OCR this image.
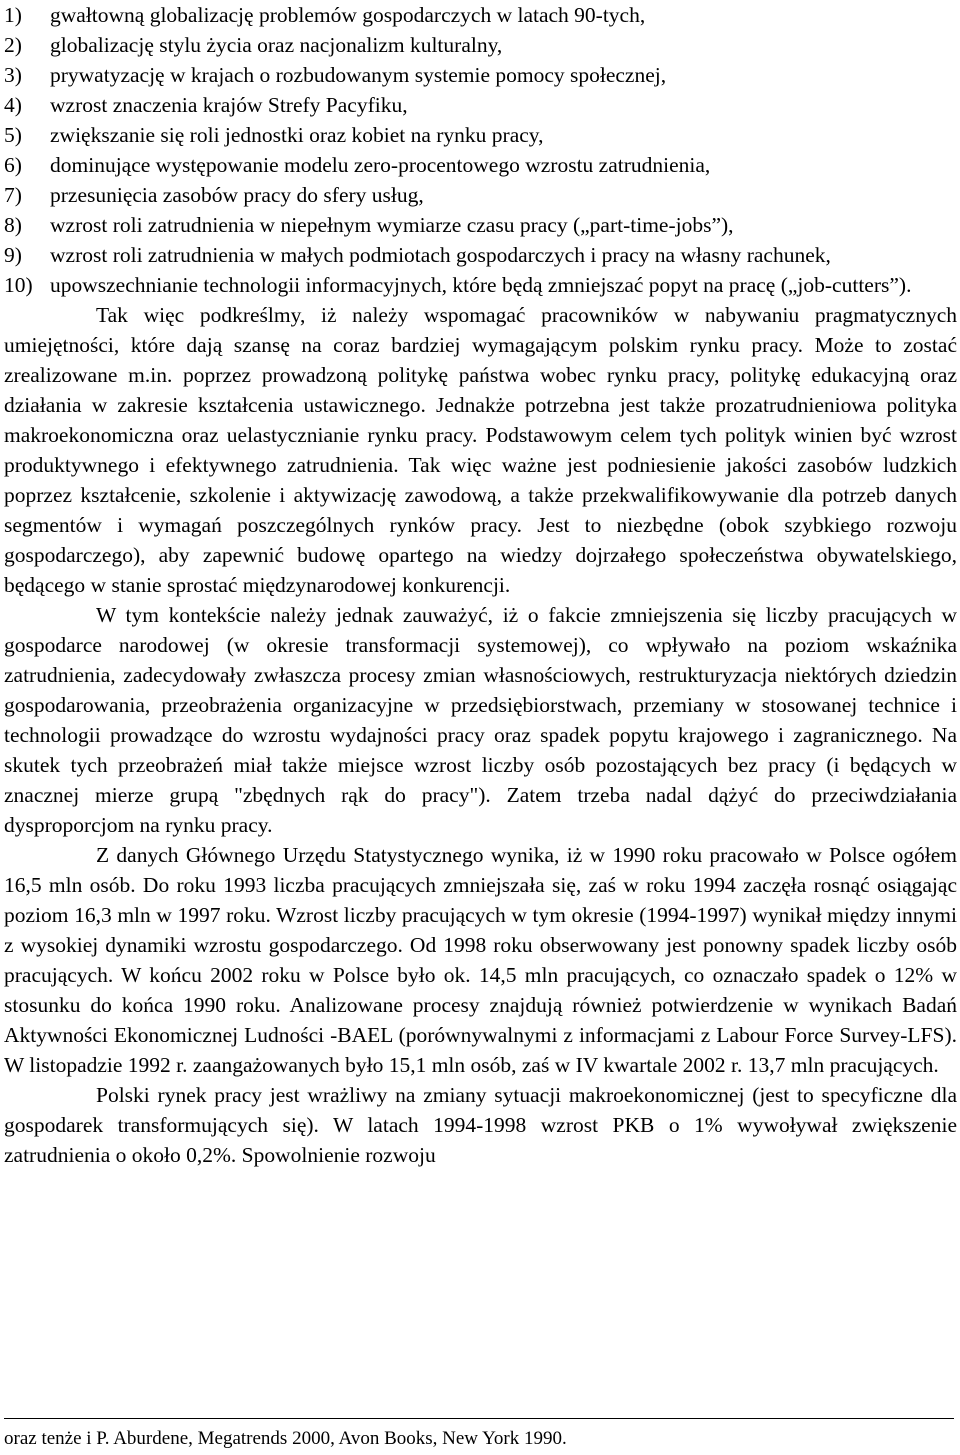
1) gwałtowną globalizację problemów gospodarczych w latach 90-tych,
2) globalizację stylu życia oraz nacjonalizm kulturalny,
3) prywatyzację w krajach o rozbudowanym systemie pomocy społecznej,
4) wzrost znaczenia krajów Strefy Pacyfiku,
5) zwiększanie się roli jednostki oraz kobiet na rynku pracy,
6) dominujące występowanie modelu zero-procentowego wzrostu zatrudnienia,
7) przesunięcia zasobów pracy do sfery usług,
8) wzrost roli zatrudnienia w niepełnym wymiarze czasu pracy („part-time-jobs”),
9) wzrost roli zatrudnienia w małych podmiotach gospodarczych i pracy na własny rachunek,
10) upowszechnianie technologii informacyjnych, które będą zmniejszać popyt na pracę („job-cutters”).

Tak więc podkreślmy, iż należy wspomagać pracowników w nabywaniu pragmatycznych umiejętności, które dają szansę na coraz bardziej wymagającym polskim rynku pracy. Może to zostać zrealizowane m.in. poprzez prowadzoną politykę państwa wobec rynku pracy, politykę edukacyjną oraz działania w zakresie kształcenia ustawicznego. Jednakże potrzebna jest także prozatrudnieniowa polityka makroekonomiczna oraz uelastycznianie rynku pracy. Podstawowym celem tych polityk winien być wzrost produktywnego i efektywnego zatrudnienia. Tak więc ważne jest podniesienie jakości zasobów ludzkich poprzez kształcenie, szkolenie i aktywizację zawodową, a także przekwalifikowywanie dla potrzeb danych segmentów i wymagań poszczególnych rynków pracy. Jest to niezbędne (obok szybkiego rozwoju gospodarczego), aby zapewnić budowę opartego na wiedzy dojrzałego społeczeństwa obywatelskiego, będącego w stanie sprostać międzynarodowej konkurencji.

W tym kontekście należy jednak zauważyć, iż o fakcie zmniejszenia się liczby pracujących w gospodarce narodowej (w okresie transformacji systemowej), co wpływało na poziom wskaźnika zatrudnienia, zadecydowały zwłaszcza procesy zmian własnościowych, restrukturyzacja niektórych dziedzin gospodarowania, przeobrażenia organizacyjne w przedsiębiorstwach, przemiany w stosowanej technice i technologii prowadzące do wzrostu wydajności pracy oraz spadek popytu krajowego i zagranicznego. Na skutek tych przeobrażeń miał także miejsce wzrost liczby osób pozostających bez pracy (i będących w znacznej mierze grupą "zbędnych rąk do pracy"). Zatem trzeba nadal dążyć do przeciwdziałania dysproporcjom na rynku pracy.

Z danych Głównego Urzędu Statystycznego wynika, iż w 1990 roku pracowało w Polsce ogółem 16,5 mln osób. Do roku 1993 liczba pracujących zmniejszała się, zaś w roku 1994 zaczęła rosnąć osiągając poziom 16,3 mln w 1997 roku. Wzrost liczby pracujących w tym okresie (1994-1997) wynikał między innymi z wysokiej dynamiki wzrostu gospodarczego. Od 1998 roku obserwowany jest ponowny spadek liczby osób pracujących. W końcu 2002 roku w Polsce było ok. 14,5 mln pracujących, co oznaczało spadek o 12% w stosunku do końca 1990 roku. Analizowane procesy znajdują również potwierdzenie w wynikach Badań Aktywności Ekonomicznej Ludności -BAEL (porównywalnymi z informacjami z Labour Force Survey-LFS). W listopadzie 1992 r. zaangażowanych było 15,1 mln osób, zaś w IV kwartale 2002 r. 13,7 mln pracujących.

Polski rynek pracy jest wrażliwy na zmiany sytuacji makroekonomicznej (jest to specyficzne dla gospodarek transformujących się). W latach 1994-1998 wzrost PKB o 1% wywoływał zwiększenie zatrudnienia o około 0,2%. Spowolnienie rozwoju

oraz tenże i P. Aburdene, Megatrends 2000, Avon Books, New York 1990.
